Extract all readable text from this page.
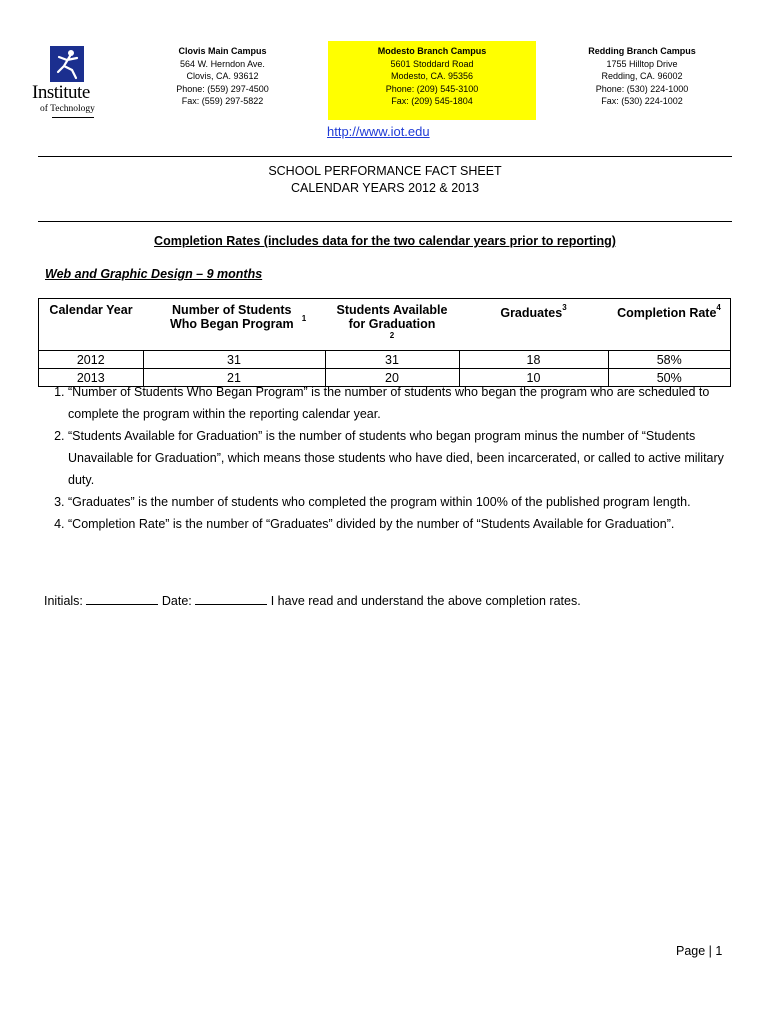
Institute
of Technology
Clovis Main Campus
564 W. Herndon Ave.
Clovis, CA. 93612
Phone: (559) 297-4500
Fax: (559) 297-5822
Modesto Branch Campus
5601 Stoddard Road
Modesto, CA. 95356
Phone: (209) 545-3100
Fax: (209) 545-1804
Redding Branch Campus
1755 Hilltop Drive
Redding, CA. 96002
Phone: (530) 224-1000
Fax: (530) 224-1002
http://www.iot.edu
SCHOOL PERFORMANCE FACT SHEET
CALENDAR YEARS 2012 & 2013
Completion Rates (includes data for the two calendar years prior to reporting)
Web and Graphic Design – 9 months
Calendar Year	Number of Students Who Began Program $^1$	Students Available for Graduation$^2$	Graduates$^3$	Completion Rate$^4$
2012	31	31	18	58%
2013	21	20	10	50%
1. “Number of Students Who Began Program” is the number of students who began the program who are scheduled to complete the program within the reporting calendar year.
2. “Students Available for Graduation” is the number of students who began program minus the number of “Students Unavailable for Graduation”, which means those students who have died, been incarcerated, or called to active military duty.
3. “Graduates” is the number of students who completed the program within 100% of the published program length.
4. “Completion Rate” is the number of “Graduates” divided by the number of “Students Available for Graduation”.
Initials:	Date:	I have read and understand the above completion rates.
Page | 1
